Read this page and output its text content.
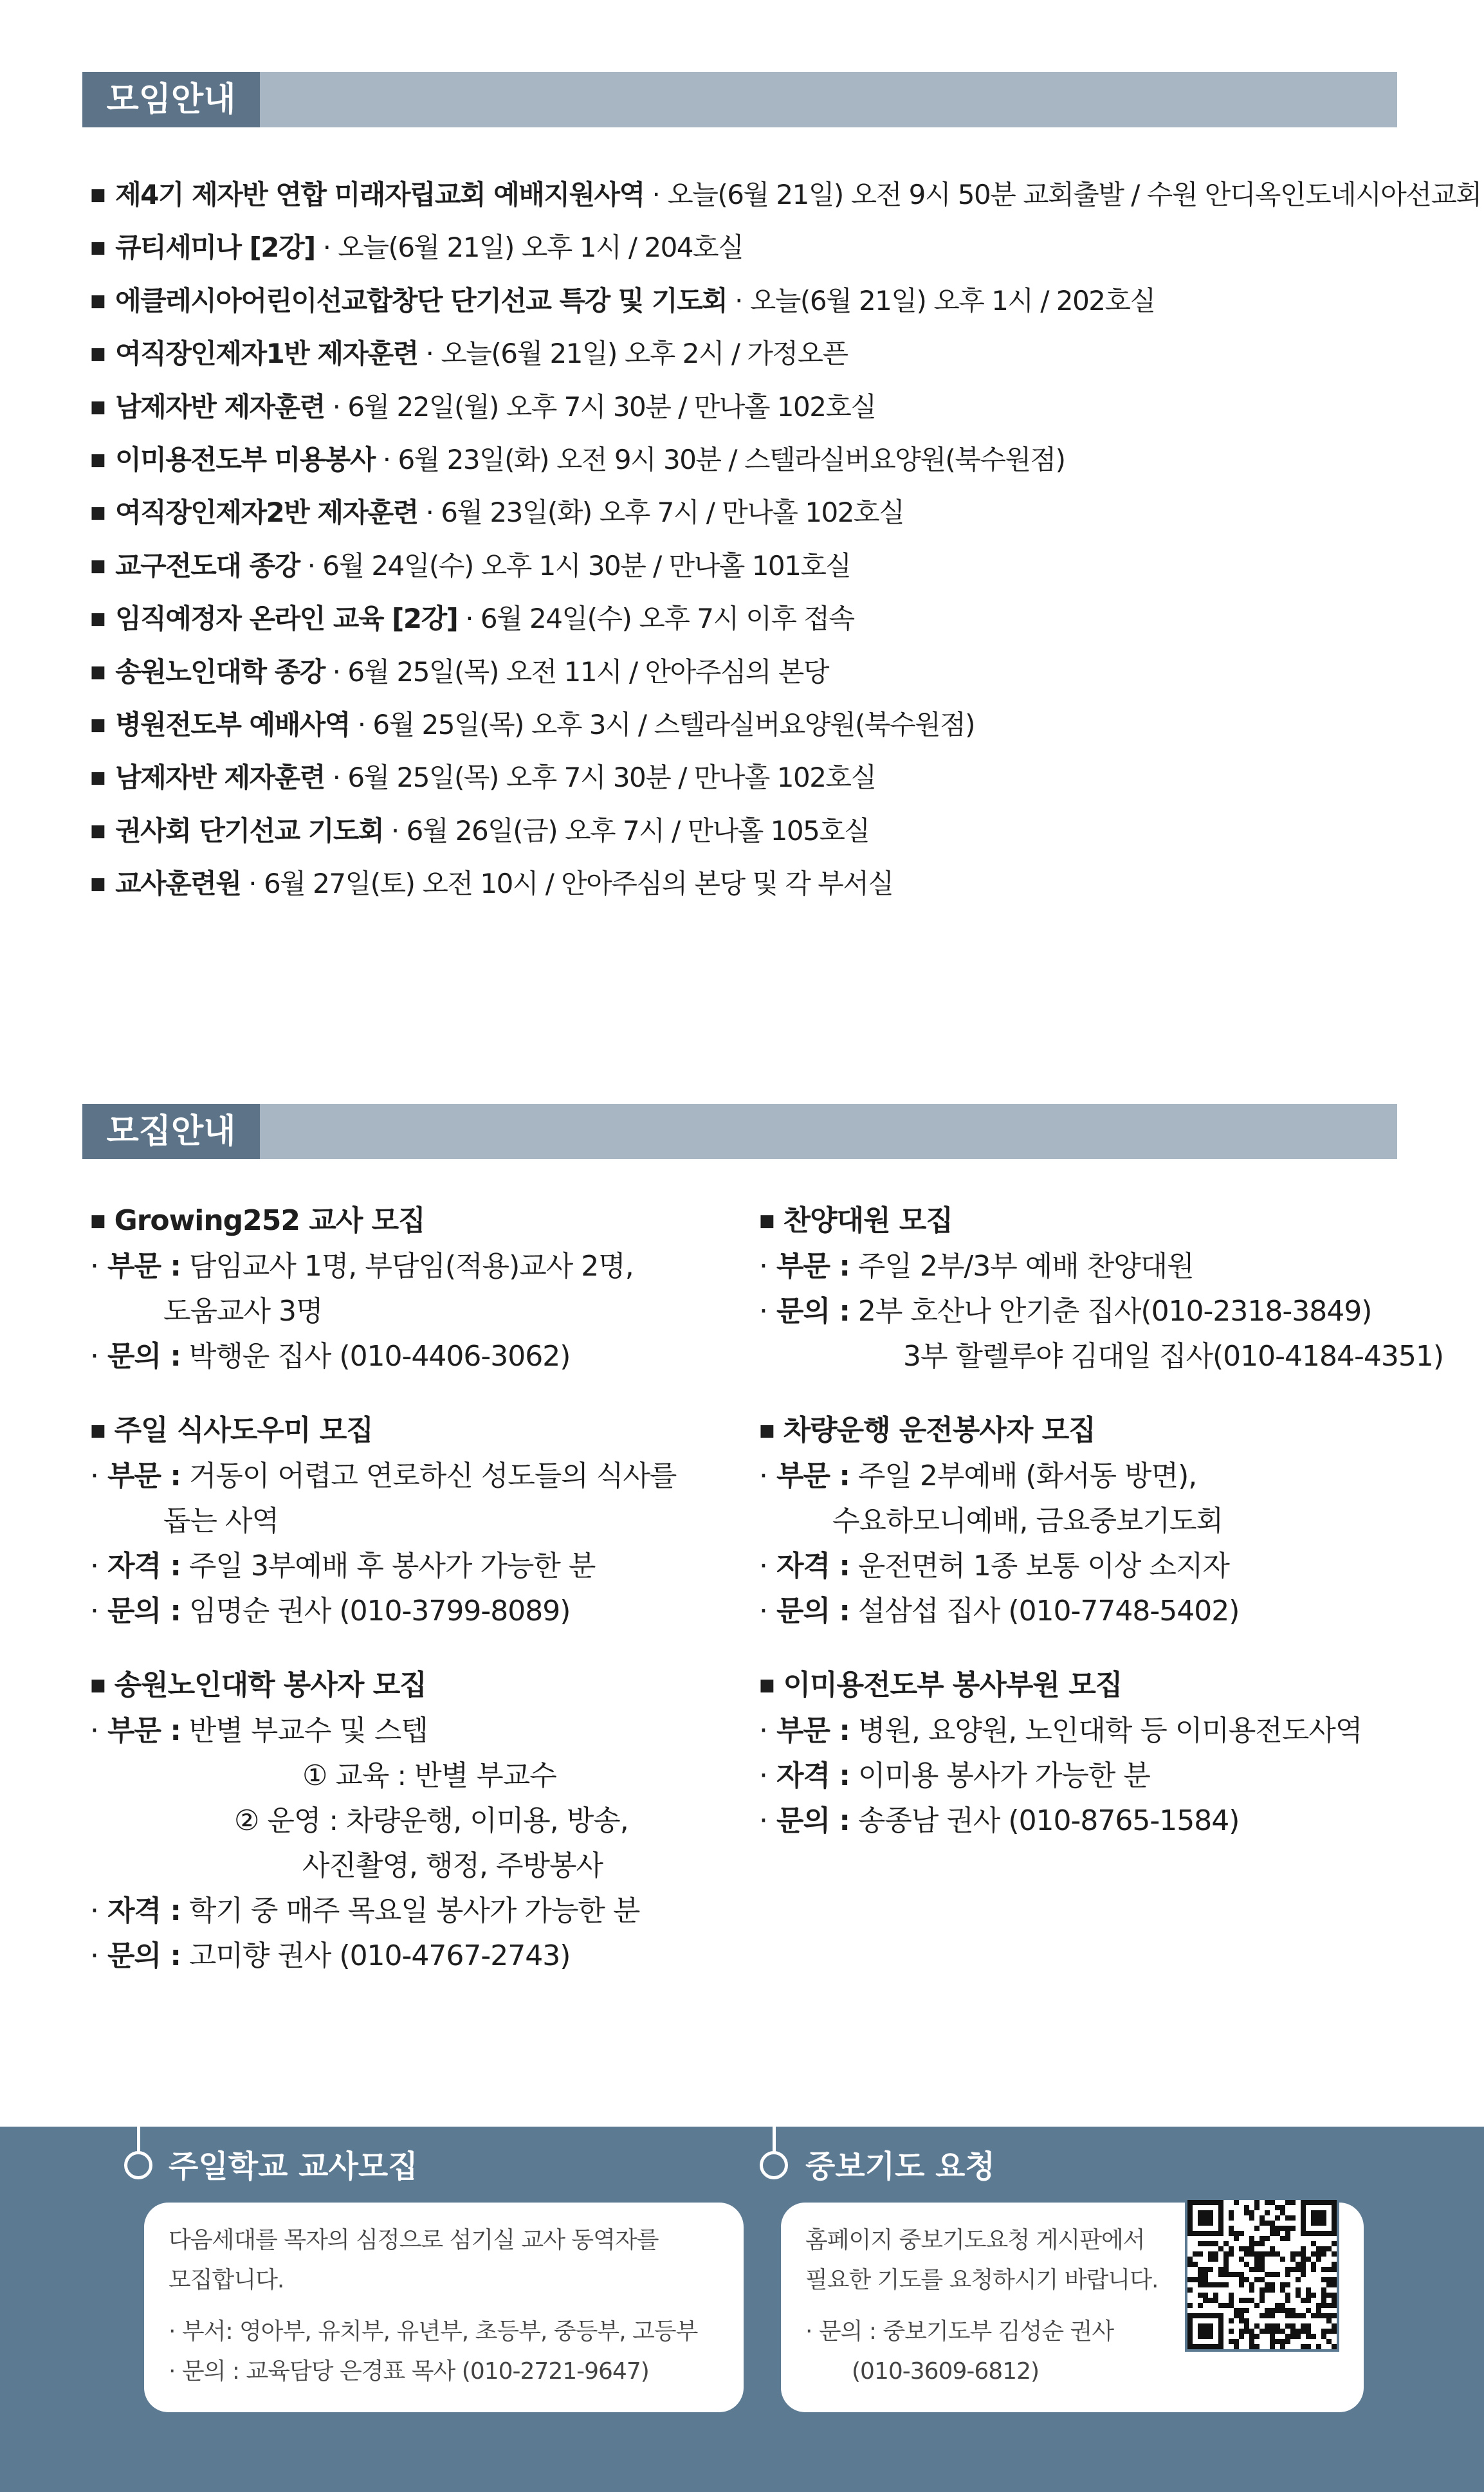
모임안내
■ 제4기 제자반 연합 미래자립교회 예배지원사역 · 오늘(6월 21일) 오전 9시 50분 교회출발 / 수원 안디옥인도네시아선교회
■ 큐티세미나 [2강] · 오늘(6월 21일) 오후 1시 / 204호실
■ 에클레시아어린이선교합창단 단기선교 특강 및 기도회 · 오늘(6월 21일) 오후 1시 / 202호실
■ 여직장인제자1반 제자훈련 · 오늘(6월 21일) 오후 2시 / 가정오픈
■ 남제자반 제자훈련 · 6월 22일(월) 오후 7시 30분 / 만나홀 102호실
■ 이미용전도부 미용봉사 · 6월 23일(화) 오전 9시 30분 / 스텔라실버요양원(북수원점)
■ 여직장인제자2반 제자훈련 · 6월 23일(화) 오후 7시 / 만나홀 102호실
■ 교구전도대 종강 · 6월 24일(수) 오후 1시 30분 / 만나홀 101호실
■ 임직예정자 온라인 교육 [2강] · 6월 24일(수) 오후 7시 이후 접속
■ 송원노인대학 종강 · 6월 25일(목) 오전 11시 / 안아주심의 본당
■ 병원전도부 예배사역 · 6월 25일(목) 오후 3시 / 스텔라실버요양원(북수원점)
■ 남제자반 제자훈련 · 6월 25일(목) 오후 7시 30분 / 만나홀 102호실
■ 권사회 단기선교 기도회 · 6월 26일(금) 오후 7시 / 만나홀 105호실
■ 교사훈련원 · 6월 27일(토) 오전 10시 / 안아주심의 본당 및 각 부서실
모집안내
■ Growing252 교사 모집
· 부문 : 담임교사 1명, 부담임(적용)교사 2명,
도움교사 3명
· 문의 : 박행운 집사 (010-4406-3062)
■ 주일 식사도우미 모집
· 부문 : 거동이 어렵고 연로하신 성도들의 식사를
돕는 사역
· 자격 : 주일 3부예배 후 봉사가 가능한 분
· 문의 : 임명순 권사 (010-3799-8089)
■ 송원노인대학 봉사자 모집
· 부문 : 반별 부교수 및 스텝
① 교육 : 반별 부교수
② 운영 : 차량운행, 이미용, 방송,
사진촬영, 행정, 주방봉사
· 자격 : 학기 중 매주 목요일 봉사가 가능한 분
· 문의 : 고미향 권사 (010-4767-2743)
■ 찬양대원 모집
· 부문 : 주일 2부/3부 예배 찬양대원
· 문의 : 2부 호산나 안기춘 집사(010-2318-3849)
3부 할렐루야 김대일 집사(010-4184-4351)
■ 차량운행 운전봉사자 모집
· 부문 : 주일 2부예배 (화서동 방면),
수요하모니예배, 금요중보기도회
· 자격 : 운전면허 1종 보통 이상 소지자
· 문의 : 설삼섭 집사 (010-7748-5402)
■ 이미용전도부 봉사부원 모집
· 부문 : 병원, 요양원, 노인대학 등 이미용전도사역
· 자격 : 이미용 봉사가 가능한 분
· 문의 : 송종남 권사 (010-8765-1584)
주일학교 교사모집	중보기도 요청
다음세대를 목자의 심정으로 섬기실 교사 동역자를
모집합니다.
· 부서: 영아부, 유치부, 유년부, 초등부, 중등부, 고등부
· 문의 : 교육담당 은경표 목사 (010-2721-9647)
홈페이지 중보기도요청 게시판에서
필요한 기도를 요청하시기 바랍니다.
· 문의 : 중보기도부 김성순 권사
(010-3609-6812)
